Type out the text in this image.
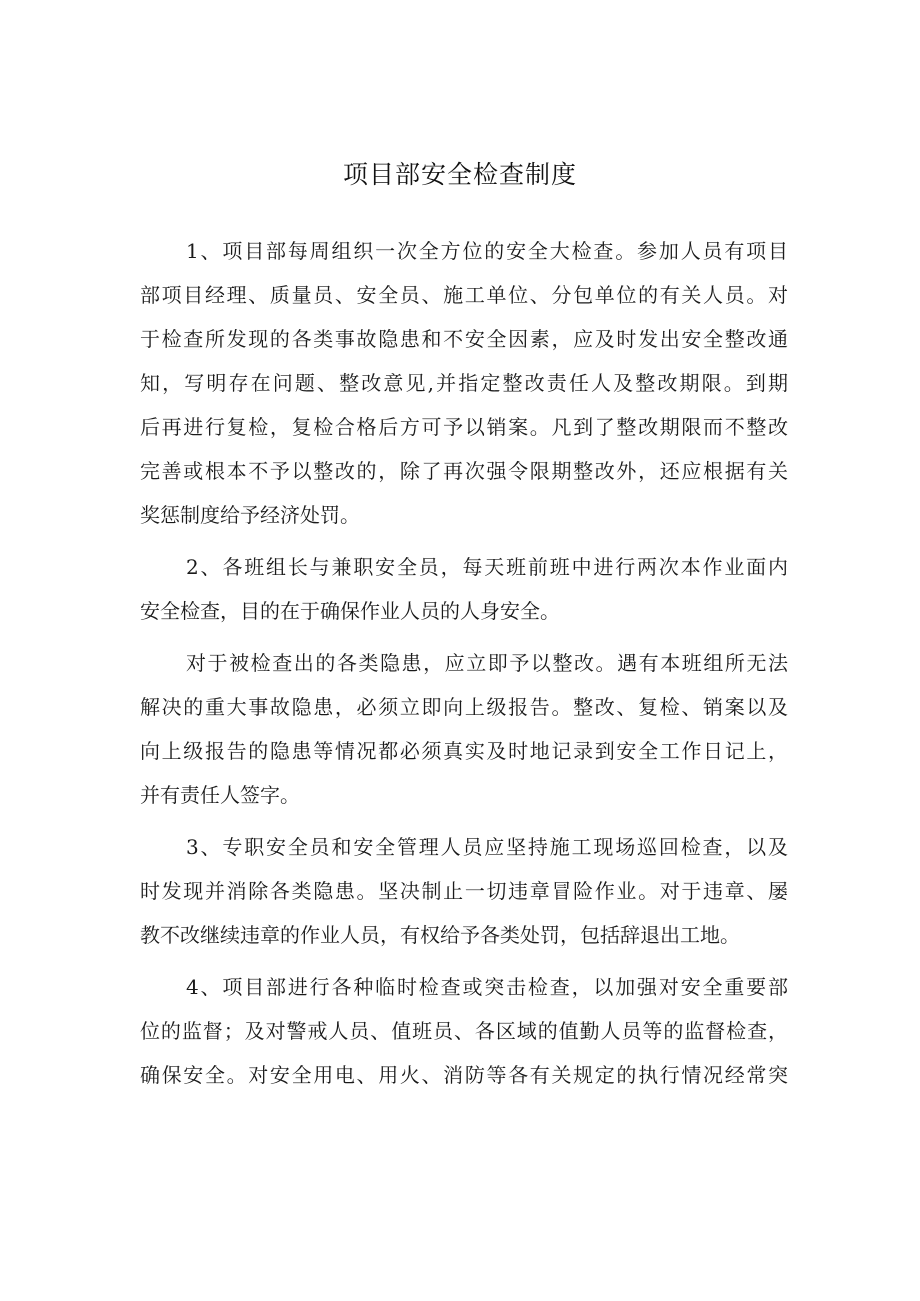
项目部安全检查制度
1、项目部每周组织一次全方位的安全大检查。参加人员有项目
部项目经理、质量员、安全员、施工单位、分包单位的有关人员。对
于检查所发现的各类事故隐患和不安全因素，应及时发出安全整改通
知，写明存在问题、整改意见,并指定整改责任人及整改期限。到期
后再进行复检，复检合格后方可予以销案。凡到了整改期限而不整改
完善或根本不予以整改的，除了再次强令限期整改外，还应根据有关
奖惩制度给予经济处罚。
2、各班组长与兼职安全员，每天班前班中进行两次本作业面内
安全检查，目的在于确保作业人员的人身安全。
对于被检查出的各类隐患，应立即予以整改。遇有本班组所无法
解决的重大事故隐患，必须立即向上级报告。整改、复检、销案以及
向上级报告的隐患等情况都必须真实及时地记录到安全工作日记上，
并有责任人签字。
3、专职安全员和安全管理人员应坚持施工现场巡回检查，以及
时发现并消除各类隐患。坚决制止一切违章冒险作业。对于违章、屡
教不改继续违章的作业人员，有权给予各类处罚，包括辞退出工地。
4、项目部进行各种临时检查或突击检查，以加强对安全重要部
位的监督；及对警戒人员、值班员、各区域的值勤人员等的监督检查，
确保安全。对安全用电、用火、消防等各有关规定的执行情况经常突
